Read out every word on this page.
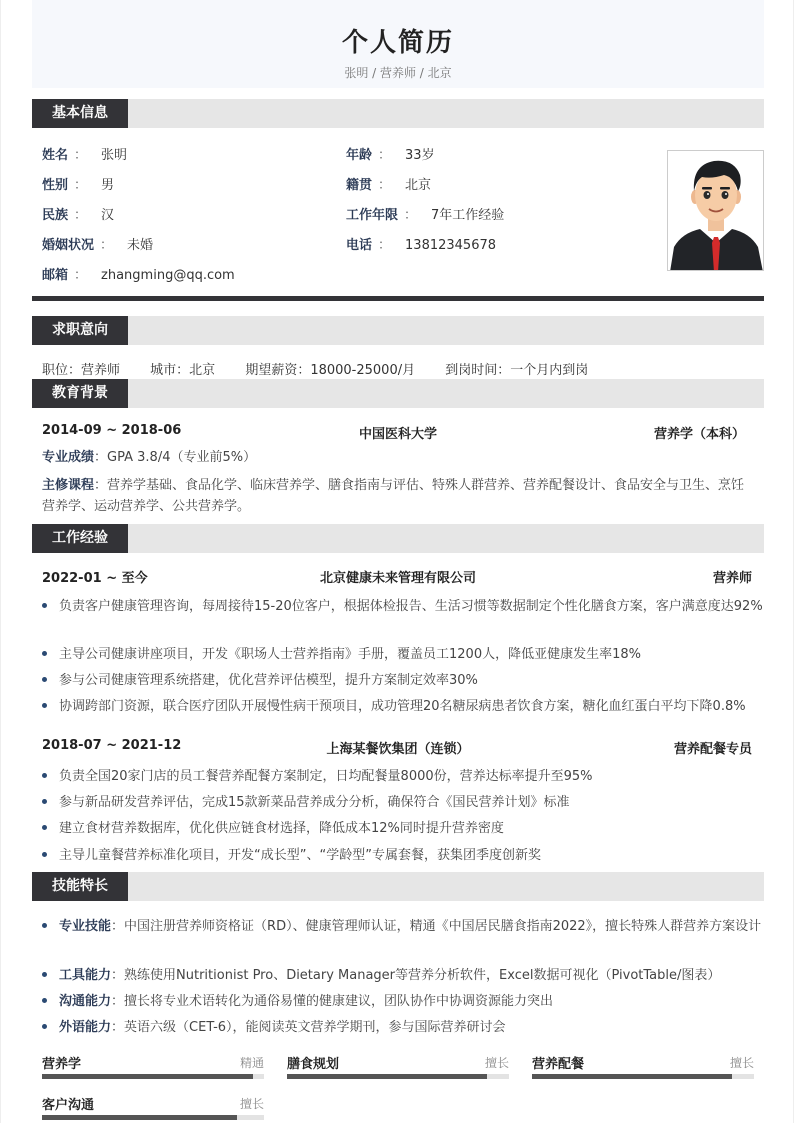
个人简历
张明 / 营养师 / 北京
基本信息
姓名 ： 张明	年龄 ： 33岁
性别 ： 男	籍贯 ： 北京
民族 ： 汉	工作年限 ： 7年工作经验
婚姻状况 ： 未婚	电话 ： 13812345678
邮箱 ： zhangming@qq.com
求职意向
职位：营养师 城市：北京 期望薪资：18000-25000/月 到岗时间：一个月内到岗
教育背景
2014-09 ~ 2018-06	中国医科大学	营养学（本科）
专业成绩：GPA 3.8/4（专业前5%）
主修课程：营养学基础、食品化学、临床营养学、膳食指南与评估、特殊人群营养、营养配餐设计、食品安全与卫生、烹饪营养学、运动营养学、公共营养学。
工作经验
2022-01 ~ 至今	北京健康未来管理有限公司	营养师
负责客户健康管理咨询，每周接待15-20位客户，根据体检报告、生活习惯等数据制定个性化膳食方案，客户满意度达92%
主导公司健康讲座项目，开发《职场人士营养指南》手册，覆盖员工1200人，降低亚健康发生率18%
参与公司健康管理系统搭建，优化营养评估模型，提升方案制定效率30%
协调跨部门资源，联合医疗团队开展慢性病干预项目，成功管理20名糖尿病患者饮食方案，糖化血红蛋白平均下降0.8%
2018-07 ~ 2021-12	上海某餐饮集团（连锁）	营养配餐专员
负责全国20家门店的员工餐营养配餐方案制定，日均配餐量8000份，营养达标率提升至95%
参与新品研发营养评估，完成15款新菜品营养成分分析，确保符合《国民营养计划》标准
建立食材营养数据库，优化供应链食材选择，降低成本12%同时提升营养密度
主导儿童餐营养标准化项目，开发“成长型”、“学龄型”专属套餐，获集团季度创新奖
技能特长
专业技能：中国注册营养师资格证（RD）、健康管理师认证，精通《中国居民膳食指南2022》，擅长特殊人群营养方案设计
工具能力：熟练使用Nutritionist Pro、Dietary Manager等营养分析软件，Excel数据可视化（PivotTable/图表）
沟通能力：擅长将专业术语转化为通俗易懂的健康建议，团队协作中协调资源能力突出
外语能力：英语六级（CET-6），能阅读英文营养学期刊，参与国际营养研讨会
营养学	精通 膳食规划	擅长 营养配餐	擅长
客户沟通	擅长
